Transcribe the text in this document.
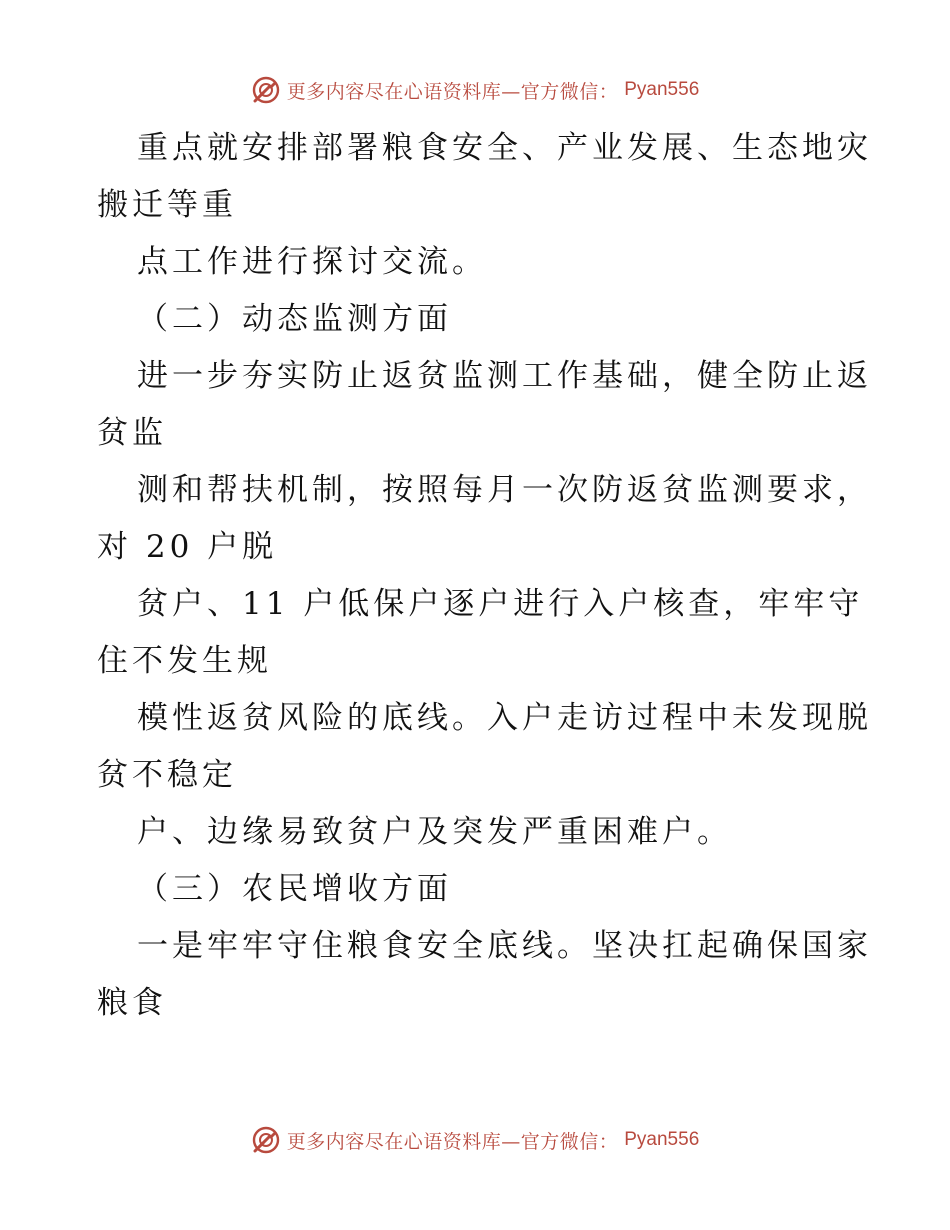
更多内容尽在心语资料库—官方微信： Pyan556
重点就安排部署粮食安全、产业发展、生态地灾
搬迁等重
点工作进行探讨交流。
（二）动态监测方面
进一步夯实防止返贫监测工作基础，健全防止返
贫监
测和帮扶机制，按照每月一次防返贫监测要求，
对 20 户脱
贫户、11 户低保户逐户进行入户核查，牢牢守
住不发生规
模性返贫风险的底线。入户走访过程中未发现脱
贫不稳定
户、边缘易致贫户及突发严重困难户。
（三）农民增收方面
一是牢牢守住粮食安全底线。坚决扛起确保国家
粮食
更多内容尽在心语资料库—官方微信： Pyan556
